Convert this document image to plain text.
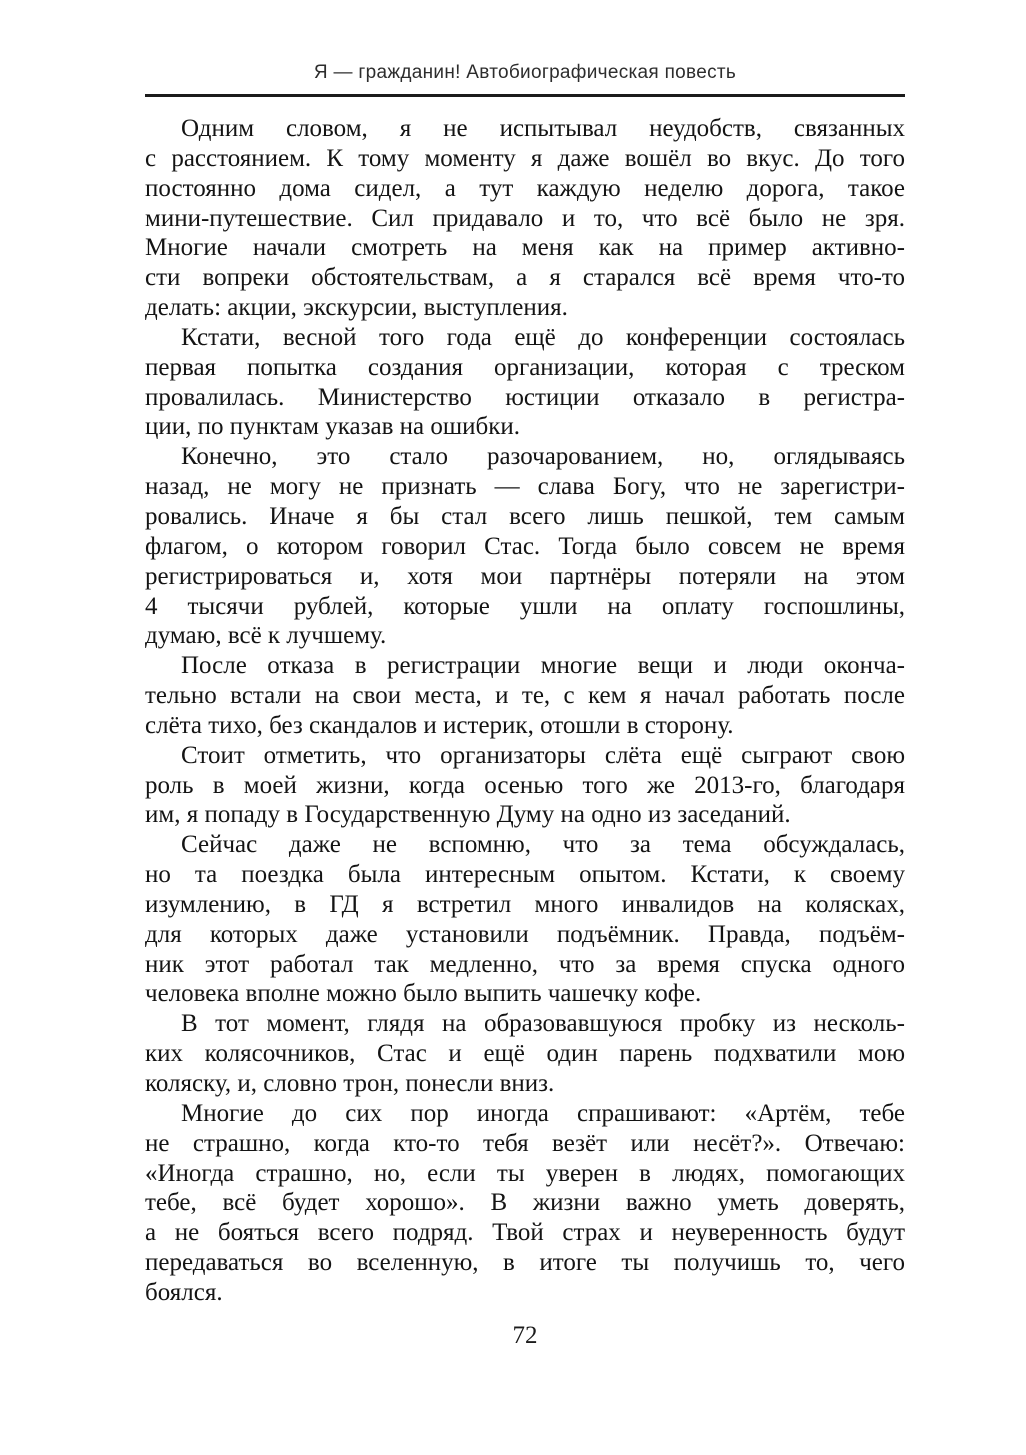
Я — гражданин! Автобиографическая повесть
Одним словом, я не испытывал неудобств, связанных
с расстоянием. К тому моменту я даже вошёл во вкус. До того
постоянно дома сидел, а тут каждую неделю дорога, такое
мини-путешествие. Сил придавало и то, что всё было не зря.
Многие начали смотреть на меня как на пример активно-
сти вопреки обстоятельствам, а я старался всё время что-то
делать: акции, экскурсии, выступления.
Кстати, весной того года ещё до конференции состоялась
первая попытка создания организации, которая с треском
провалилась. Министерство юстиции отказало в регистра-
ции, по пунктам указав на ошибки.
Конечно, это стало разочарованием, но, оглядываясь
назад, не могу не признать — слава Богу, что не зарегистри-
ровались. Иначе я бы стал всего лишь пешкой, тем самым
флагом, о котором говорил Стас. Тогда было совсем не время
регистрироваться и, хотя мои партнёры потеряли на этом
4 тысячи рублей, которые ушли на оплату госпошлины,
думаю, всё к лучшему.
После отказа в регистрации многие вещи и люди оконча-
тельно встали на свои места, и те, с кем я начал работать после
слёта тихо, без скандалов и истерик, отошли в сторону.
Стоит отметить, что организаторы слёта ещё сыграют свою
роль в моей жизни, когда осенью того же 2013-го, благодаря
им, я попаду в Государственную Думу на одно из заседаний.
Сейчас даже не вспомню, что за тема обсуждалась,
но та поездка была интересным опытом. Кстати, к своему
изумлению, в ГД я встретил много инвалидов на колясках,
для которых даже установили подъёмник. Правда, подъём-
ник этот работал так медленно, что за время спуска одного
человека вполне можно было выпить чашечку кофе.
В тот момент, глядя на образовавшуюся пробку из несколь-
ких колясочников, Стас и ещё один парень подхватили мою
коляску, и, словно трон, понесли вниз.
Многие до сих пор иногда спрашивают: «Артём, тебе
не страшно, когда кто-то тебя везёт или несёт?». Отвечаю:
«Иногда страшно, но, если ты уверен в людях, помогающих
тебе, всё будет хорошо». В жизни важно уметь доверять,
а не бояться всего подряд. Твой страх и неуверенность будут
передаваться во вселенную, в итоге ты получишь то, чего
боялся.
72
